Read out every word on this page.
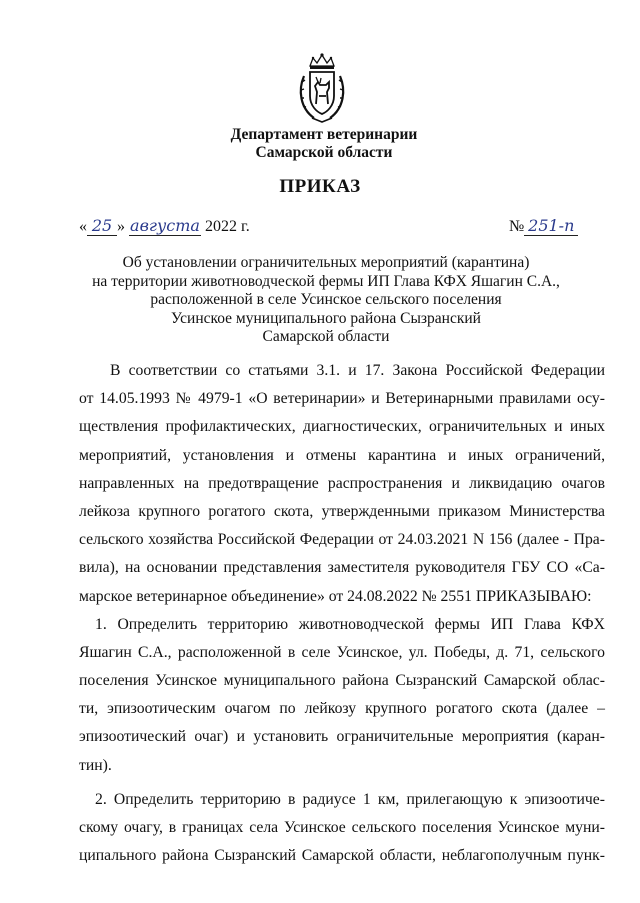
Департамент ветеринарии
Самарской области
ПРИКАЗ
« 25 » августа 2022 г.	№ 251-п
Об установлении ограничительных мероприятий (карантина)
на территории животноводческой фермы ИП Глава КФХ Яшагин С.А.,
расположенной в селе Усинское сельского поселения
Усинское муниципального района Сызранский
Самарской области
В соответствии со статьями 3.1. и 17. Закона Российской Федерации
от 14.05.1993 № 4979-1 «О ветеринарии» и Ветеринарными правилами осу-
ществления профилактических, диагностических, ограничительных и иных
мероприятий, установления и отмены карантина и иных ограничений,
направленных на предотвращение распространения и ликвидацию очагов
лейкоза крупного рогатого скота, утвержденными приказом Министерства
сельского хозяйства Российской Федерации от 24.03.2021 N 156 (далее - Пра-
вила), на основании представления заместителя руководителя ГБУ СО «Са-
марское ветеринарное объединение» от 24.08.2022 № 2551 ПРИКАЗЫВАЮ:
1. Определить территорию животноводческой фермы ИП Глава КФХ
Яшагин С.А., расположенной в селе Усинское, ул. Победы, д. 71, сельского
поселения Усинское муниципального района Сызранский Самарской облас-
ти, эпизоотическим очагом по лейкозу крупного рогатого скота (далее –
эпизоотический очаг) и установить ограничительные мероприятия (каран-
тин).
2. Определить территорию в радиусе 1 км, прилегающую к эпизоотиче-
скому очагу, в границах села Усинское сельского поселения Усинское муни-
ципального района Сызранский Самарской области, неблагополучным пунк-
